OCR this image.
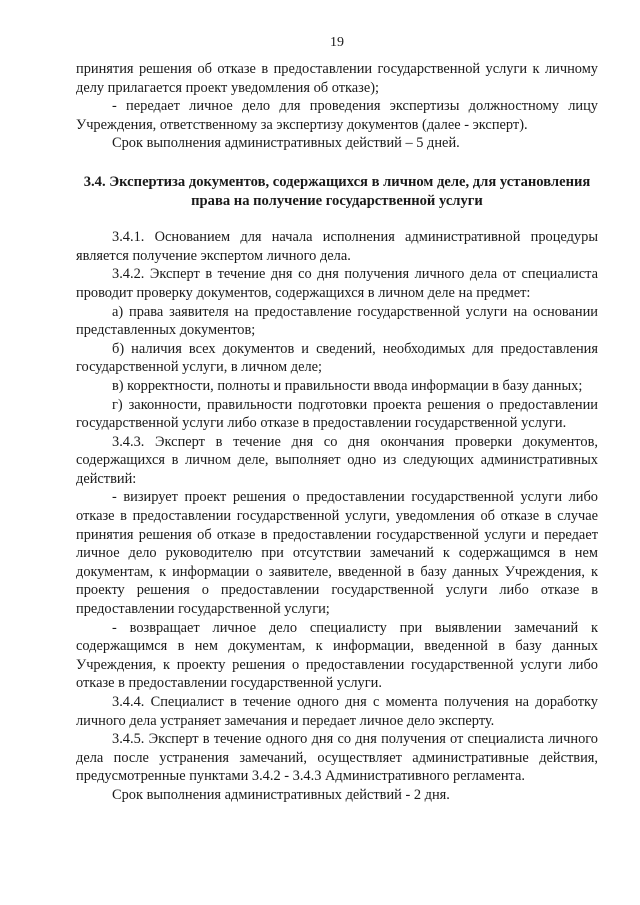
19

принятия решения об отказе в предоставлении государственной услуги к личному делу прилагается проект уведомления об отказе);

- передает личное дело для проведения экспертизы должностному лицу Учреждения, ответственному за экспертизу документов (далее - эксперт).

Срок выполнения административных действий – 5 дней.

3.4. Экспертиза документов, содержащихся в личном деле, для установления права на получение государственной услуги

3.4.1. Основанием для начала исполнения административной процедуры является получение экспертом личного дела.

3.4.2. Эксперт в течение дня со дня получения личного дела от специалиста проводит проверку документов, содержащихся в личном деле на предмет:

а) права заявителя на предоставление государственной услуги на основании представленных документов;

б) наличия всех документов и сведений, необходимых для предоставления государственной услуги, в личном деле;

в) корректности, полноты и правильности ввода информации в базу данных;

г) законности, правильности подготовки проекта решения о предоставлении государственной услуги либо отказе в предоставлении государственной услуги.

3.4.3. Эксперт в течение дня со дня окончания проверки документов, содержащихся в личном деле, выполняет одно из следующих административных действий:

- визирует проект решения о предоставлении государственной услуги либо отказе в предоставлении государственной услуги, уведомления об отказе в случае принятия решения об отказе в предоставлении государственной услуги и передает личное дело руководителю при отсутствии замечаний к содержащимся в нем документам, к информации о заявителе, введенной в базу данных Учреждения, к проекту решения о предоставлении государственной услуги либо отказе в предоставлении государственной услуги;

- возвращает личное дело специалисту при выявлении замечаний к содержащимся в нем документам, к информации, введенной в базу данных Учреждения, к проекту решения о предоставлении государственной услуги либо отказе в предоставлении государственной услуги.

3.4.4. Специалист в течение одного дня с момента получения на доработку личного дела устраняет замечания и передает личное дело эксперту.

3.4.5. Эксперт в течение одного дня со дня получения от специалиста личного дела после устранения замечаний, осуществляет административные действия, предусмотренные пунктами 3.4.2 - 3.4.3 Административного регламента.

Срок выполнения административных действий - 2 дня.
